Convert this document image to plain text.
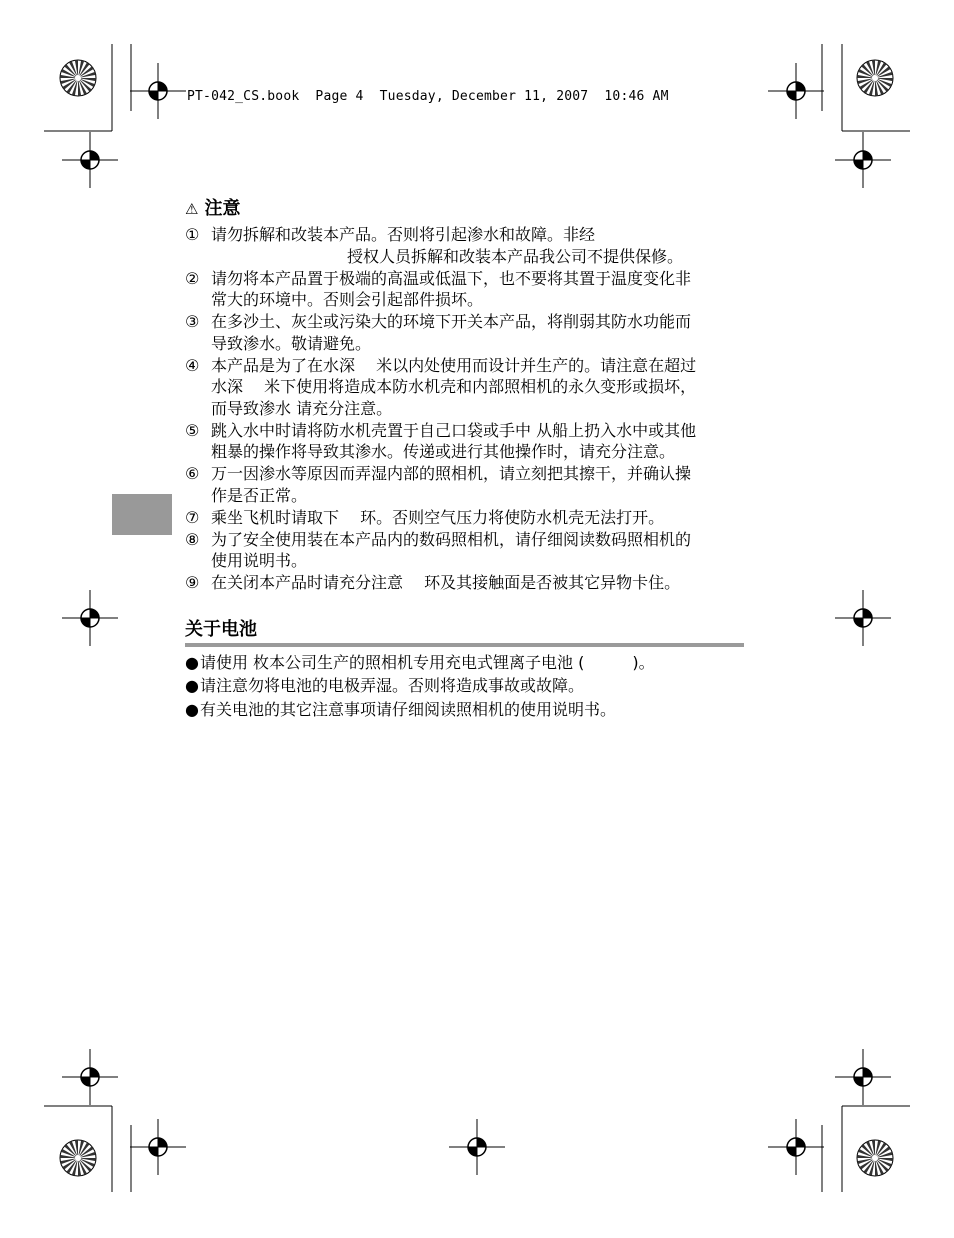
PT-042_CS.book  Page 4  Tuesday, December 11, 2007  10:46 AM
⚠ 注意
① 请勿拆解和改装本产品。否则将引起渗水和故障。非经
授权人员拆解和改装本产品我公司不提供保修。
② 请勿将本产品置于极端的高温或低温下，也不要将其置于温度变化非
常大的环境中。否则会引起部件损坏。
③ 在多沙土、灰尘或污染大的环境下开关本产品，将削弱其防水功能而
导致渗水。敬请避免。
④ 本产品是为了在水深　 米以内处使用而设计并生产的。请注意在超过
水深　 米下使用将造成本防水机壳和内部照相机的永久变形或损坏，
而导致渗水 请充分注意。
⑤ 跳入水中时请将防水机壳置于自己口袋或手中 从船上扔入水中或其他
粗暴的操作将导致其渗水。传递或进行其他操作时，请充分注意。
⑥ 万一因渗水等原因而弄湿内部的照相机，请立刻把其擦干，并确认操
作是否正常。
⑦ 乘坐飞机时请取下　 环。否则空气压力将使防水机壳无法打开。
⑧ 为了安全使用装在本产品内的数码照相机，请仔细阅读数码照相机的
使用说明书。
⑨ 在关闭本产品时请充分注意　 环及其接触面是否被其它异物卡住。
关于电池
●请使用 枚本公司生产的照相机专用充电式锂离子电池 (　　　)。
●请注意勿将电池的电极弄湿。否则将造成事故或故障。
●有关电池的其它注意事项请仔细阅读照相机的使用说明书。
